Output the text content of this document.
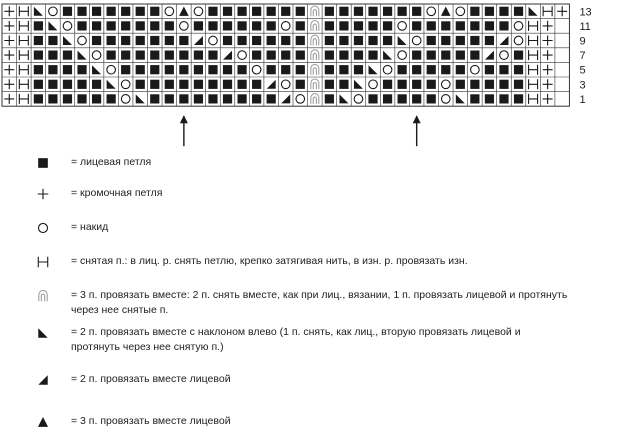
13
11
9
7
5
3
1
= лицевая петля
= кромочная петля
= накид
= снятая п.: в лиц. р. снять петлю, крепко затягивая нить, в изн. р. провязать изн.
= 3 п. провязать вместе: 2 п. снять вместе, как при лиц., вязании, 1 п. провязать лицевой и протянуть через нее снятые п.
= 2 п. провязать вместе с наклоном влево (1 п. снять, как лиц., вторую провязать лицевой и протянуть через нее снятую п.)
= 2 п. провязать вместе лицевой
= 3 п. провязать вместе лицевой
